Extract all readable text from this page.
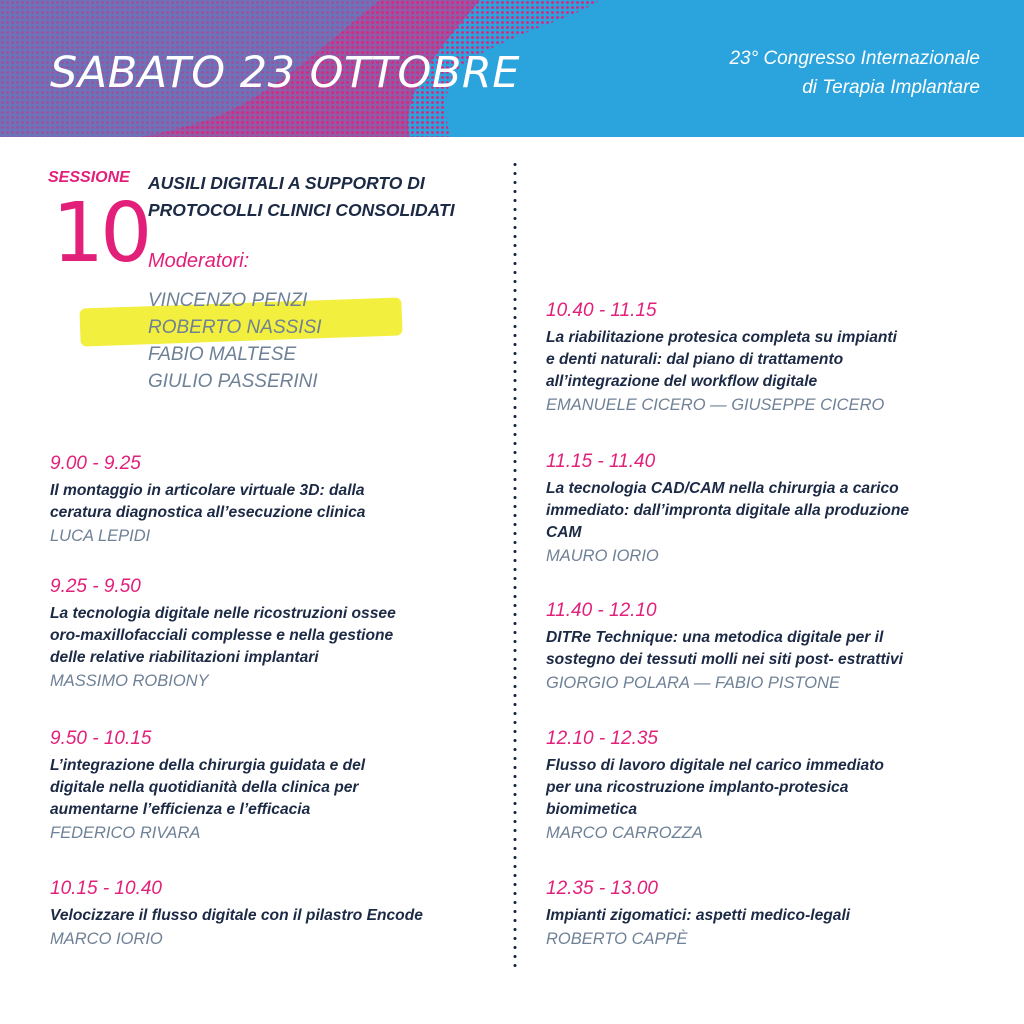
SABATO 23 OTTOBRE	23° Congresso Internazionale
di Terapia Implantare
SESSIONE
10
AUSILI DIGITALI A SUPPORTO DI
PROTOCOLLI CLINICI CONSOLIDATI
Moderatori:
VINCENZO PENZI
ROBERTO NASSISI
FABIO MALTESE
GIULIO PASSERINI
9.00 - 9.25
Il montaggio in articolare virtuale 3D: dalla
ceratura diagnostica all’esecuzione clinica
LUCA LEPIDI
9.25 - 9.50
La tecnologia digitale nelle ricostruzioni ossee
oro-maxillofacciali complesse e nella gestione
delle relative riabilitazioni implantari
MASSIMO ROBIONY
9.50 - 10.15
L’integrazione della chirurgia guidata e del
digitale nella quotidianità della clinica per
aumentarne l’efficienza e l’efficacia
FEDERICO RIVARA
10.15 - 10.40
Velocizzare il flusso digitale con il pilastro Encode
MARCO IORIO
10.40 - 11.15
La riabilitazione protesica completa su impianti
e denti naturali: dal piano di trattamento
all’integrazione del workflow digitale
EMANUELE CICERO — GIUSEPPE CICERO
11.15 - 11.40
La tecnologia CAD/CAM nella chirurgia a carico
immediato: dall’impronta digitale alla produzione
CAM
MAURO IORIO
11.40 - 12.10
DITRe Technique: una metodica digitale per il
sostegno dei tessuti molli nei siti post- estrattivi
GIORGIO POLARA — FABIO PISTONE
12.10 - 12.35
Flusso di lavoro digitale nel carico immediato
per una ricostruzione implanto-protesica
biomimetica
MARCO CARROZZA
12.35 - 13.00
Impianti zigomatici: aspetti medico-legali
ROBERTO CAPPÈ
